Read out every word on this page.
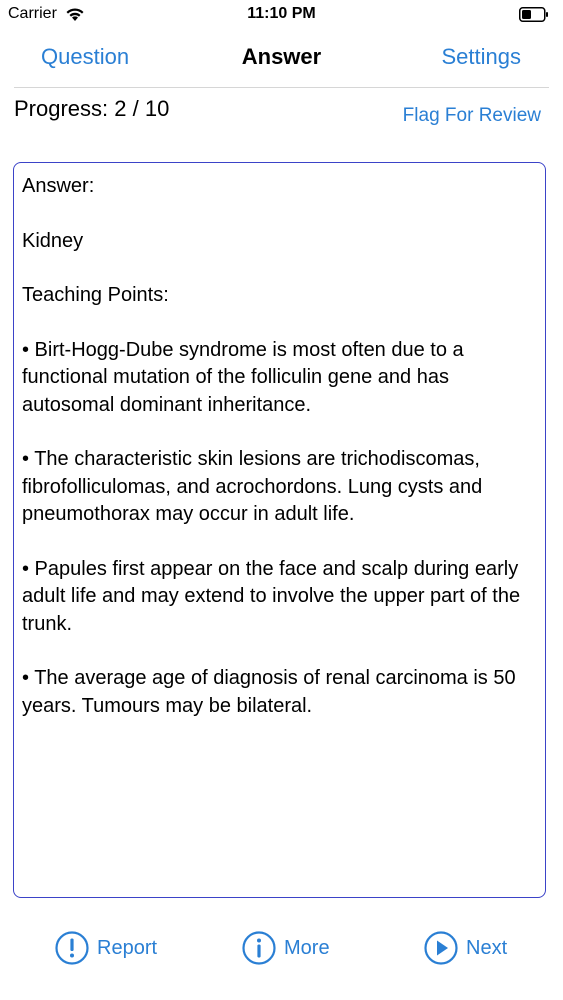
Carrier	11:10 PM
Question	Answer	Settings
Progress: 2 / 10	Flag For Review

Answer:

Kidney

Teaching Points:

• Birt-Hogg-Dube syndrome is most often due to a functional mutation of the folliculin gene and has autosomal dominant inheritance.

• The characteristic skin lesions are trichodiscomas, fibrofolliculomas, and acrochordons. Lung cysts and pneumothorax may occur in adult life.

• Papules first appear on the face and scalp during early adult life and may extend to involve the upper part of the trunk.

• The average age of diagnosis of renal carcinoma is 50 years. Tumours may be bilateral.

Report	More	Next
